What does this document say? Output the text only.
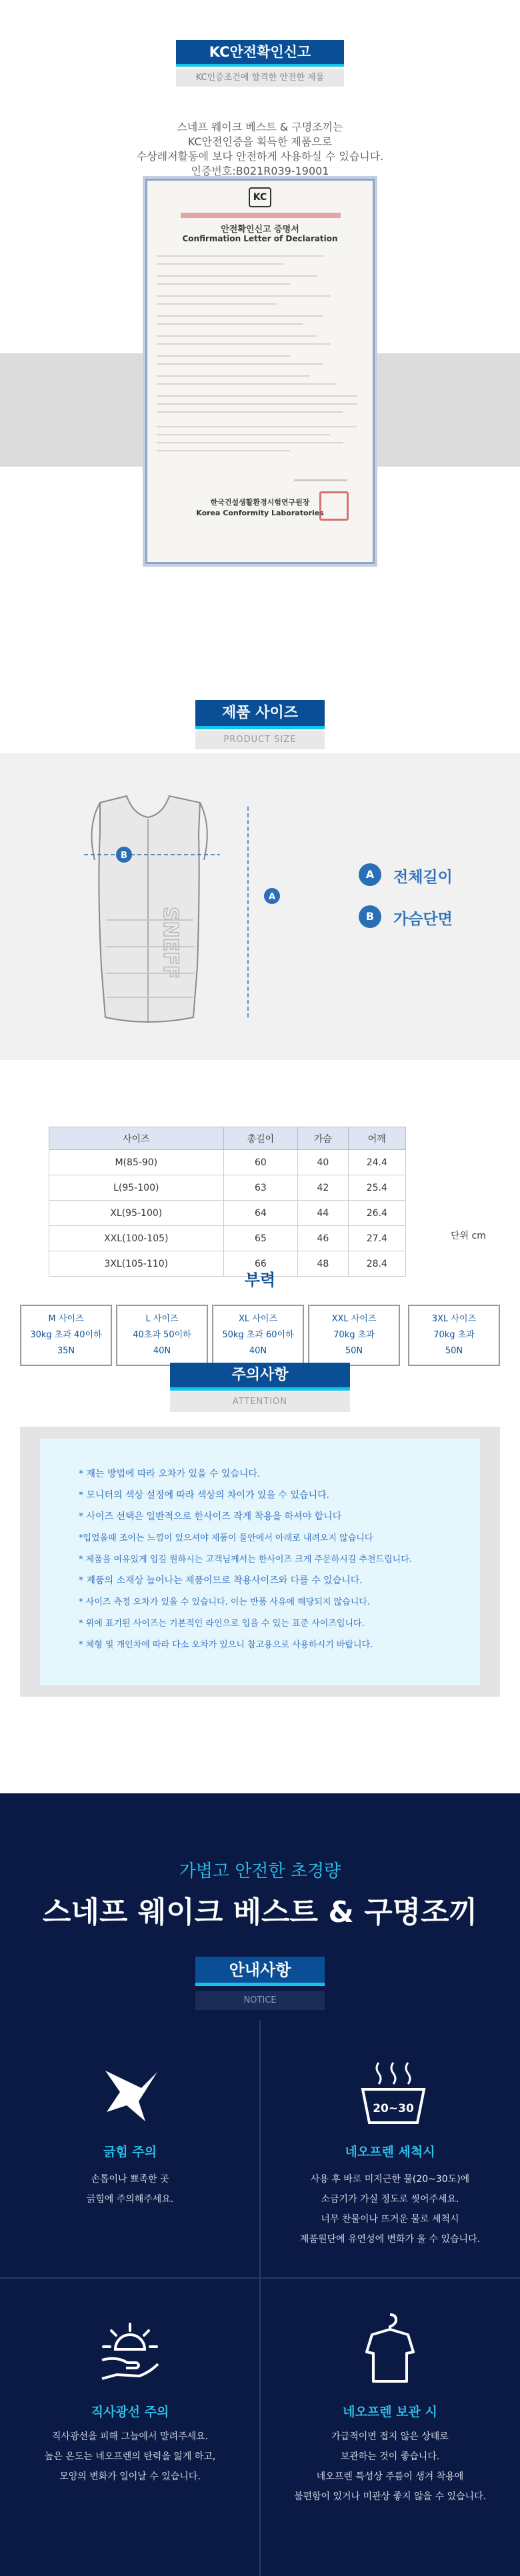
KC안전확인신고
KC인증조건에 합격한 안전한 제품
스네프 웨이크 베스트 & 구명조끼는
KC안전인증을 획득한 제품으로
수상레저활동에 보다 안전하게 사용하실 수 있습니다.
인증번호:B021R039-19001
KC
안전확인신고 증명서
Confirmation Letter of Declaration
한국건설생활환경시험연구원장
Korea Conformity Laboratories
제품 사이즈
PRODUCT SIZE
SNEFF
B
A
A	전체길이
B	가슴단면
사이즈	총길이	가슴	어깨
M(85-90)	60	40	24.4
L(95-100)	63	42	25.4
XL(95-100)	64	44	26.4
XXL(100-105)	65	46	27.4
3XL(105-110)	66	48	28.4
단위 cm
부력
M 사이즈
30kg 초과 40이하
35N
L 사이즈
40초과 50이하
40N
XL 사이즈
50kg 초과 60이하
40N
XXL 사이즈
70kg 초과
50N
3XL 사이즈
70kg 초과
50N
주의사항
ATTENTION
* 재는 방법에 따라 오차가 있을 수 있습니다.
* 모니터의 색상 설정에 따라 색상의 차이가 있을 수 있습니다.
* 사이즈 선택은 일반적으로 한사이즈 작게 착용을 하셔야 합니다
*입었을때 조이는 느낌이 있으셔야 제품이 물안에서 아래로 내려오지 않습니다
* 제품을 여유있게 입길 원하시는 고객님께서는 한사이즈 크게 주문하시길 추천드립니다.
* 제품의 소재상 늘어나는 제품이므로 착용사이즈와 다를 수 있습니다.
* 사이즈 측정 오차가 있을 수 있습니다. 이는 반품 사유에 해당되지 않습니다.
* 위에 표기된 사이즈는 기본적인 라인으로 입을 수 있는 표준 사이즈입니다.
* 체형 및 개인차에 따라 다소 오차가 있으니 참고용으로 사용하시기 바랍니다.
가볍고 안전한 초경량
스네프 웨이크 베스트 & 구명조끼
안내사항
NOTICE
긁힘 주의
손톱이나 뾰족한 곳
긁힘에 주의해주세요.
20~30
네오프렌 세척시
사용 후 바로 미지근한 물(20~30도)에
소금기가 가실 정도로 씻어주세요.
너무 찬물이나 뜨거운 물로 세척시
제품원단에 유연성에 변화가 올 수 있습니다.
직사광선 주의
직사광선을 피해 그늘에서 말려주세요.
높은 온도는 네오프렌의 탄력을 잃게 하고,
모양의 변화가 일어날 수 있습니다.
네오프렌 보관 시
가급적이면 접지 않은 상태로
보관하는 것이 좋습니다.
네오프렌 특성상 주름이 생겨 착용에
불편함이 있거나 미관상 좋지 않을 수 있습니다.
